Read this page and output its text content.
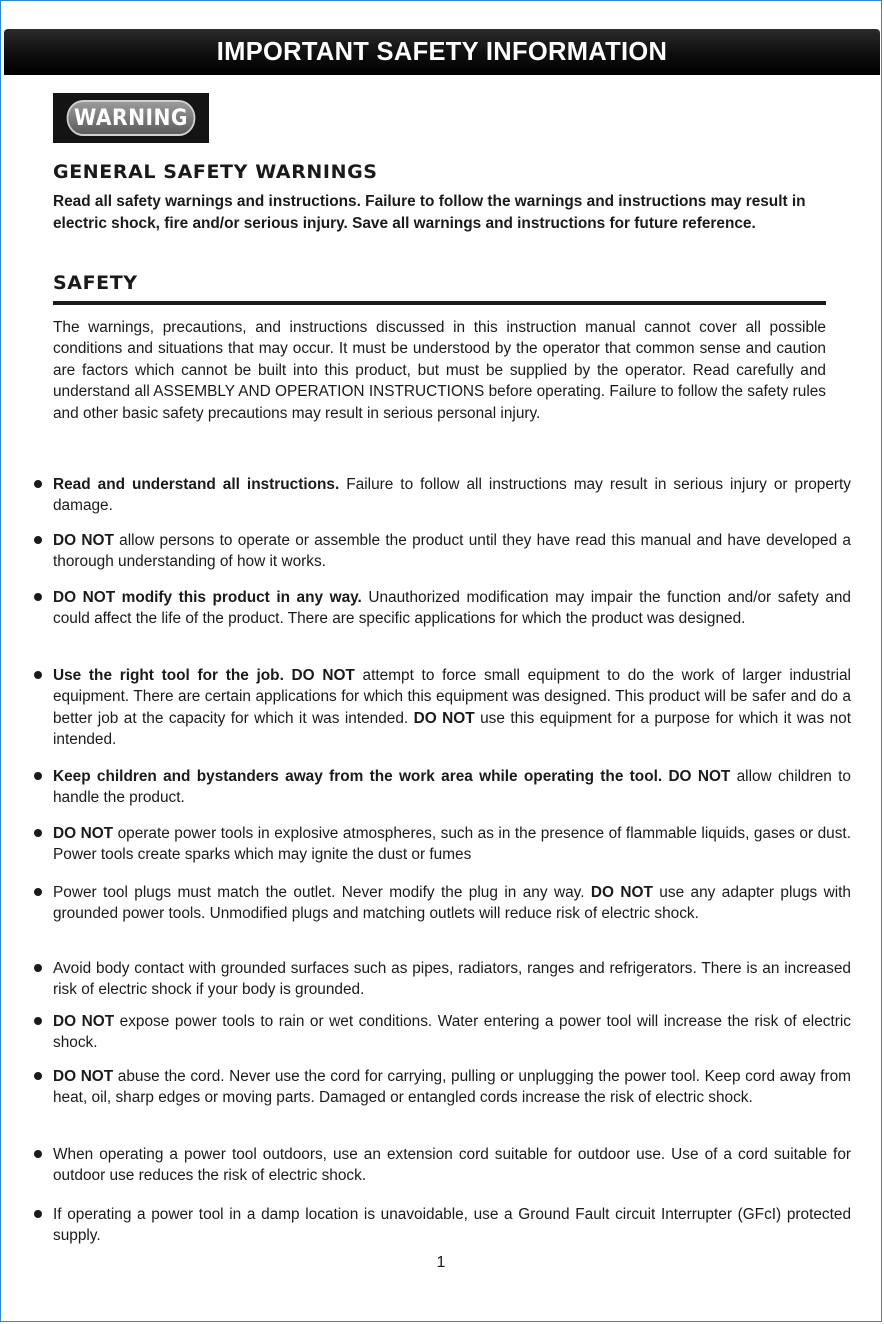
IMPORTANT SAFETY INFORMATION
WARNING
GENERAL SAFETY WARNINGS
Read all safety warnings and instructions. Failure to follow the warnings and instructions may result in electric shock, fire and/or serious injury. Save all warnings and instructions for future reference.
SAFETY
The warnings, precautions, and instructions discussed in this instruction manual cannot cover all possible conditions and situations that may occur. It must be understood by the operator that common sense and caution are factors which cannot be built into this product, but must be supplied by the operator. Read carefully and understand all ASSEMBLY AND OPERATION INSTRUCTIONS before operating. Failure to follow the safety rules and other basic safety precautions may result in serious personal injury.
Read and understand all instructions. Failure to follow all instructions may result in serious injury or property damage.
DO NOT allow persons to operate or assemble the product until they have read this manual and have developed a thorough understanding of how it works.
DO NOT modify this product in any way. Unauthorized modification may impair the function and/or safety and could affect the life of the product. There are specific applications for which the product was designed.
Use the right tool for the job. DO NOT attempt to force small equipment to do the work of larger industrial equipment. There are certain applications for which this equipment was designed. This product will be safer and do a better job at the capacity for which it was intended. DO NOT use this equipment for a purpose for which it was not intended.
Keep children and bystanders away from the work area while operating the tool. DO NOT allow children to handle the product.
DO NOT operate power tools in explosive atmospheres, such as in the presence of flammable liquids, gases or dust. Power tools create sparks which may ignite the dust or fumes
Power tool plugs must match the outlet. Never modify the plug in any way. DO NOT use any adapter plugs with grounded power tools. Unmodified plugs and matching outlets will reduce risk of electric shock.
Avoid body contact with grounded surfaces such as pipes, radiators, ranges and refrigerators. There is an increased risk of electric shock if your body is grounded.
DO NOT expose power tools to rain or wet conditions. Water entering a power tool will increase the risk of electric shock.
DO NOT abuse the cord. Never use the cord for carrying, pulling or unplugging the power tool. Keep cord away from heat, oil, sharp edges or moving parts. Damaged or entangled cords increase the risk of electric shock.
When operating a power tool outdoors, use an extension cord suitable for outdoor use. Use of a cord suitable for outdoor use reduces the risk of electric shock.
If operating a power tool in a damp location is unavoidable, use a Ground Fault circuit Interrupter (GFcI) protected supply.
1
